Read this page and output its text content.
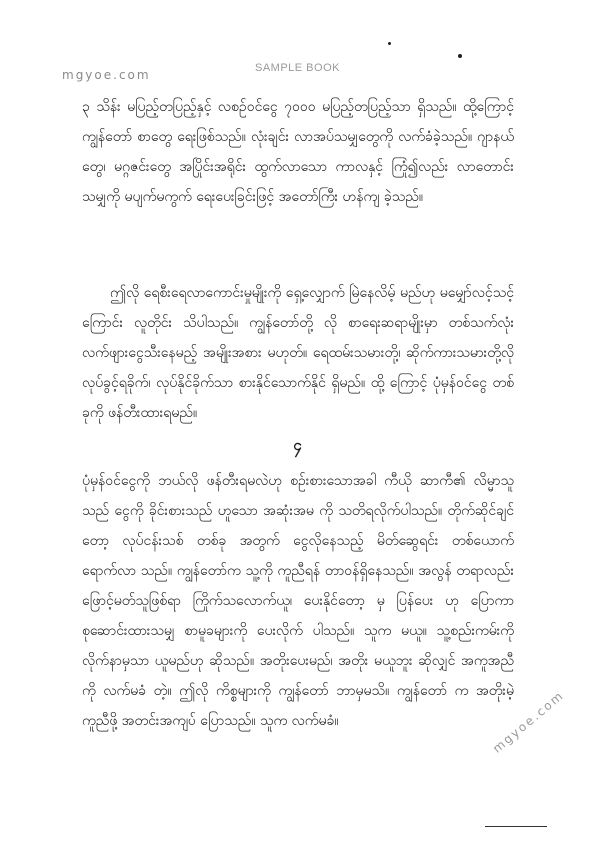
mgyoe.com	SAMPLE BOOK

၃ သိန်း မပြည့်တပြည့်နှင့် လစဉ်ဝင်ငွေ ၇၀၀၀ မပြည့်တပြည့်သာ ရှိသည်။ ထို့ကြောင့် ကျွန်တော် စာတွေ ရေးဖြစ်သည်။ လုံးချင်း လာအပ်သမျှတွေကို လက်ခံခဲ့သည်။ ဂျာနယ်တွေ၊ မဂ္ဂဇင်းတွေ အပြိုင်းအရိုင်း ထွက်လာသော ကာလနှင့် ကြုံ၍လည်း လာတောင်း သမျှကို မပျက်မကွက် ရေးပေးခြင်းဖြင့် အတော်ကြီး ဟန်ကျ ခဲ့သည်။

ဤလို ရေစီးရေလာကောင်းမှုမျိုးကို ရှေ့လျှောက် မြဲနေလိမ့် မည်ဟု မမျှော်လင့်သင့်ကြောင်း လူတိုင်း သိပါသည်။ ကျွန်တော်တို့ လို စာရေးဆရာမျိုးမှာ တစ်သက်လုံး လက်ဖျားငွေသီးနေမည့် အမျိုးအစား မဟုတ်။ ရေထမ်းသမားတို့၊ ဆိုက်ကားသမားတို့လို လုပ်ခွင့်ရခိုက်၊ လုပ်နိုင်ခိုက်သာ စားနိုင်သောက်နိုင် ရှိမည်။ ထို့ ကြောင့် ပုံမှန်ဝင်ငွေ တစ်ခုကို ဖန်တီးထားရမည်။

၄

ပုံမှန်ဝင်ငွေကို ဘယ်လို ဖန်တီးရမလဲဟု စဉ်းစားသောအခါ ကီယို ဆာကီ၏ လိမ္မာသူသည် ငွေကို ခိုင်းစားသည် ဟူသော အဆုံးအမ ကို သတိရလိုက်ပါသည်။ တိုက်ဆိုင်ချင်တော့ လုပ်ငန်းသစ် တစ်ခု အတွက် ငွေလိုနေသည့် မိတ်ဆွေရင်း တစ်ယောက် ရောက်လာ သည်။ ကျွန်တော်က သူ့ကို ကူညီရန် တာဝန်ရှိနေသည်။ အလွန် တရာလည်း ဖြောင့်မတ်သူဖြစ်ရာ ကြိုက်သလောက်ယူ၊ ပေးနိုင်တော့ မှ ပြန်ပေး ဟု ပြောကာ စုဆောင်းထားသမျှ စာမူခများကို ပေးလိုက် ပါသည်။ သူက မယူ။ သူ့စည်းကမ်းကို လိုက်နာမှသာ ယူမည်ဟု ဆိုသည်။ အတိုးပေးမည်၊ အတိုး မယူဘူး ဆိုလျှင် အကူအညီကို လက်မခံ တဲ့။ ဤလို ကိစ္စများကို ကျွန်တော် ဘာမှမသိ။ ကျွန်တော် က အတိုးမဲ့ ကူညီဖို့ အတင်းအကျပ် ပြောသည်။ သူက လက်မခံ။	mgyoe.com
